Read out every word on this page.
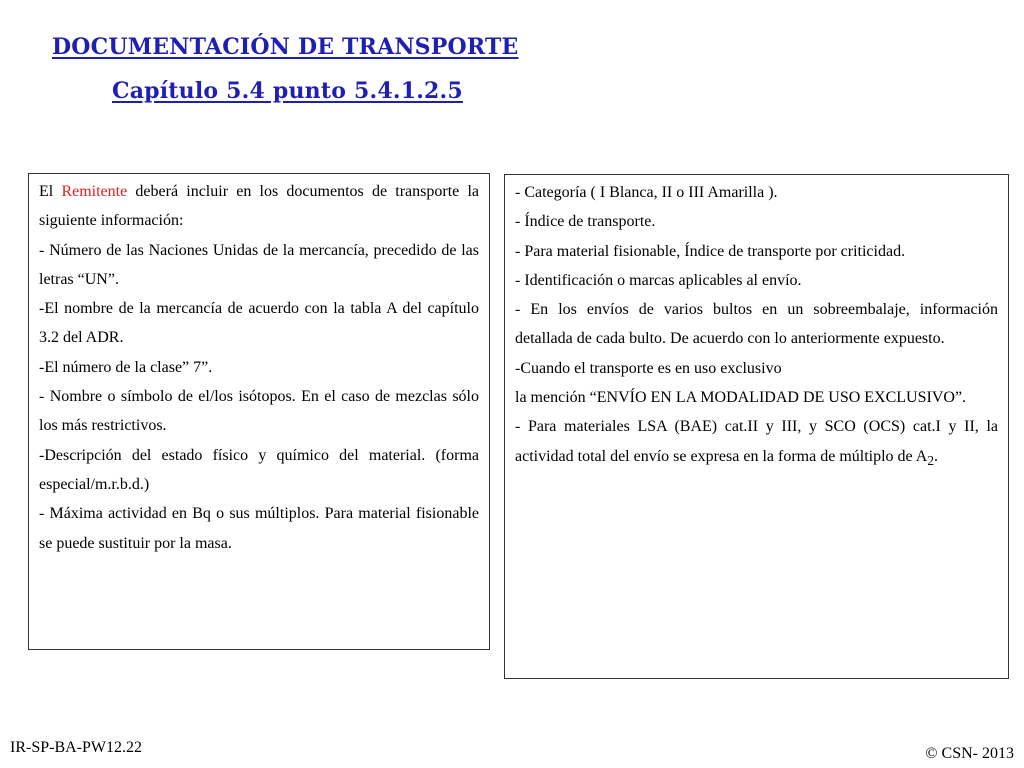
DOCUMENTACIÓN DE TRANSPORTE
Capítulo 5.4 punto 5.4.1.2.5

El Remitente deberá incluir en los documentos de transporte la siguiente información:

- Número de las Naciones Unidas de la mercancía, precedido de las letras “UN”.

-El nombre de la mercancía de acuerdo con la tabla A del capítulo 3.2 del ADR.

-El número de la clase” 7”.

- Nombre o símbolo de el/los isótopos. En el caso de mezclas sólo los más restrictivos.

-Descripción del estado físico y químico del material. (forma especial/m.r.b.d.)

- Máxima actividad en Bq o sus múltiplos. Para material fisionable se puede sustituir por la masa.

- Categoría ( I Blanca, II o III Amarilla ).

- Índice de transporte.

- Para material fisionable, Índice de transporte por criticidad.

- Identificación o marcas aplicables al envío.

- En los envíos de varios bultos en un sobreembalaje, información detallada de cada bulto. De acuerdo con lo anteriormente expuesto.

-Cuando el transporte es en uso exclusivo

la mención “ENVÍO EN LA MODALIDAD DE USO EXCLUSIVO”.

- Para materiales LSA (BAE) cat.II y III, y SCO (OCS) cat.I y II, la actividad total del envío se expresa en la forma de múltiplo de $A_2$.

IR-SP-BA-PW12.22	© CSN- 2013
